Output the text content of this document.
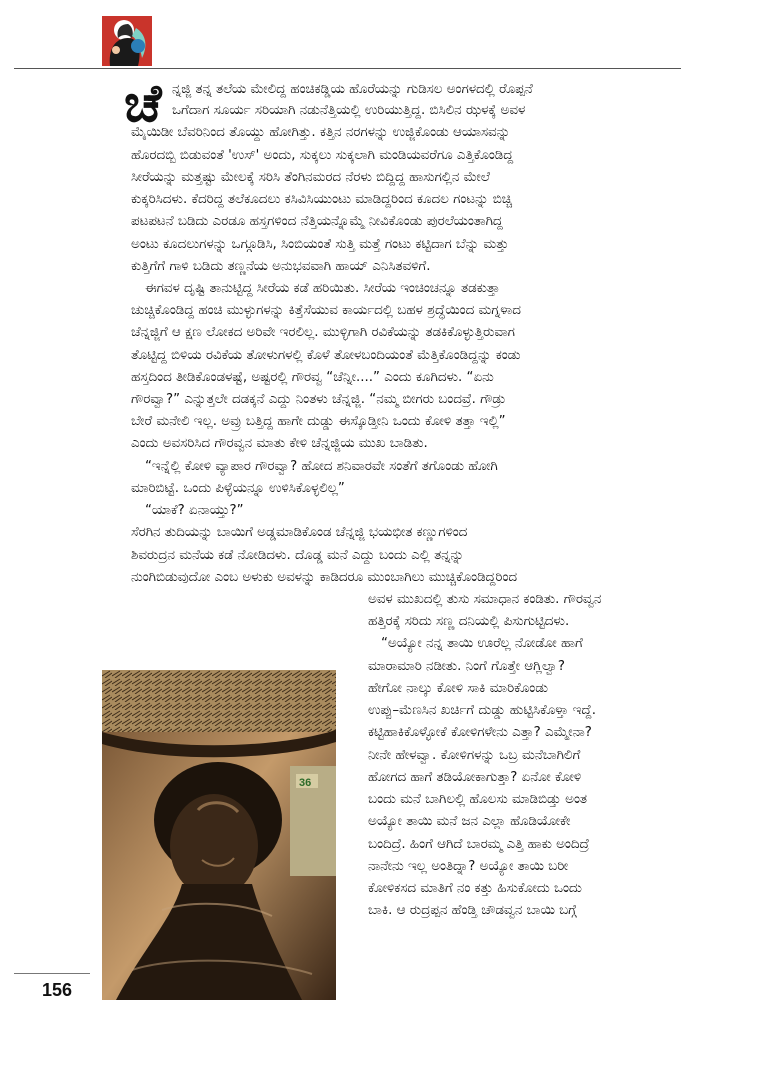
ಚೆ ನ್ನಜ್ಜಿ ತನ್ನ ತಲೆಯ ಮೇಲಿದ್ದ ಹಂಚಿಕಡ್ಡಿಯ ಹೊರೆಯನ್ನು ಗುಡಿಸಲ ಅಂಗಳದಲ್ಲಿ ರೊಪ್ಪನೆ
ಒಗೆದಾಗ ಸೂರ್ಯ ಸರಿಯಾಗಿ ನಡುನೆತ್ತಿಯಲ್ಲಿ ಉರಿಯುತ್ತಿದ್ದ. ಬಿಸಿಲಿನ ಝಳಕ್ಕೆ ಅವಳ
ಮೈಯಿಡೀ ಬೆವರಿನಿಂದ ತೊಯ್ದು ಹೋಗಿತ್ತು. ಕತ್ತಿನ ನರಗಳನ್ನು ಉಜ್ಜಿಕೊಂಡು ಆಯಾಸವನ್ನು
ಹೊರದಬ್ಬಿ ಬಿಡುವಂತೆ 'ಉಸ್' ಅಂದು, ಸುಕ್ಕಲು ಸುಕ್ಕಲಾಗಿ ಮಂಡಿಯವರೆಗೂ ಎತ್ತಿಕೊಂಡಿದ್ದ
ಸೀರೆಯನ್ನು ಮತ್ತಷ್ಟು ಮೇಲಕ್ಕೆ ಸರಿಸಿ ತೆಂಗಿನಮರದ ನೆರಳು ಬಿದ್ದಿದ್ದ ಹಾಸುಗಲ್ಲಿನ ಮೇಲೆ
ಕುಕ್ಕರಿಸಿದಳು. ಕೆದರಿದ್ದ ತಲೆಕೂದಲು ಕಸಿವಿಸಿಯುಂಟು ಮಾಡಿದ್ದರಿಂದ ಕೂದಲ ಗಂಟನ್ನು ಬಿಚ್ಚಿ
ಪಟಪಟನೆ ಬಡಿದು ಎರಡೂ ಹಸ್ತಗಳಿಂದ ನೆತ್ತಿಯನ್ನೊಮ್ಮೆ ನೀವಿಕೊಂಡು ಪುರಲೆಯಂತಾಗಿದ್ದ
ಅಂಟು ಕೂದಲುಗಳನ್ನು ಒಗ್ಗೂಡಿಸಿ, ಸಿಂಬಿಯಂತೆ ಸುತ್ತಿ ಮತ್ತೆ ಗಂಟು ಕಟ್ಟಿದಾಗ ಬೆನ್ನು ಮತ್ತು
ಕುತ್ತಿಗೆಗೆ ಗಾಳಿ ಬಡಿದು ತಣ್ಣನೆಯ ಅನುಭವವಾಗಿ ಹಾಯ್ ಎನಿಸಿತವಳಿಗೆ.
ಈಗವಳ ದೃಷ್ಟಿ ತಾನುಟ್ಟಿದ್ದ ಸೀರೆಯ ಕಡೆ ಹರಿಯಿತು. ಸೀರೆಯ ಇಂಚಿಂಚನ್ನೂ ತಡಕುತ್ತಾ
ಚುಚ್ಚಿಕೊಂಡಿದ್ದ ಹಂಚಿ ಮುಳ್ಳುಗಳನ್ನು ಕಿತ್ತೆಸೆಯುವ ಕಾರ್ಯದಲ್ಲಿ ಬಹಳ ಶ್ರದ್ಧೆಯಿಂದ ಮಗ್ನಳಾದ
ಚೆನ್ನಜ್ಜಿಗೆ ಆ ಕ್ಷಣ ಲೋಕದ ಅರಿವೇ ಇರಲಿಲ್ಲ. ಮುಳ್ಳಿಗಾಗಿ ರವಿಕೆಯನ್ನು ತಡಕಿಕೊಳ್ಳುತ್ತಿರುವಾಗ
ತೊಟ್ಟಿದ್ದ ಬಿಳಿಯ ರವಿಕೆಯ ತೋಳುಗಳಲ್ಲಿ ಕೊಳೆ ತೋಳಬಂದಿಯಂತೆ ಮೆತ್ತಿಕೊಂಡಿದ್ದನ್ನು ಕಂಡು
ಹಸ್ತದಿಂದ ತೀಡಿಕೊಂಡಳಷ್ಟೆ, ಅಷ್ಟರಲ್ಲಿ ಗೌರವ್ವ “ಚೆನ್ನೀ....” ಎಂದು ಕೂಗಿದಳು. “ಏನು
ಗೌರವ್ವಾ?” ಎನ್ನುತ್ತಲೇ ದಡಕ್ಕನೆ ಎದ್ದು ನಿಂತಳು ಚೆನ್ನಜ್ಜಿ. “ನಮ್ಮ ಬೀಗರು ಬಂದವ್ರೆ. ಗೌಡ್ರು
ಬೇರೆ ಮನೇಲಿ ಇಲ್ಲ. ಅವ್ರು ಬತ್ತಿದ್ದ ಹಾಗೇ ದುಡ್ಡು ಈಸ್ಕೊಡ್ತೀನಿ ಒಂದು ಕೋಳಿ ತತ್ತಾ ಇಲ್ಲಿ”
ಎಂದು ಅವಸರಿಸಿದ ಗೌರವ್ವನ ಮಾತು ಕೇಳಿ ಚೆನ್ನಜ್ಜಿಯ ಮುಖ ಬಾಡಿತು.
“ಇನ್ನೆಲ್ಲಿ ಕೋಳಿ ವ್ಯಾಪಾರ ಗೌರವ್ವಾ? ಹೋದ ಶನಿವಾರವೇ ಸಂತೆಗೆ ತಗೊಂಡು ಹೋಗಿ
ಮಾರಿಬಿಟ್ಟೆ. ಒಂದು ಪಿಳ್ಳೆಯನ್ನೂ ಉಳಿಸಿಕೊಳ್ಳಲಿಲ್ಲ”
“ಯಾಕೆ? ಏನಾಯ್ತು?”
ಸೆರಗಿನ ತುದಿಯನ್ನು ಬಾಯಿಗೆ ಅಡ್ಡಮಾಡಿಕೊಂಡ ಚೆನ್ನಜ್ಜಿ ಭಯಭೀತ ಕಣ್ಣುಗಳಿಂದ
ಶಿವರುದ್ರನ ಮನೆಯ ಕಡೆ ನೋಡಿದಳು. ದೊಡ್ಡ ಮನೆ ಎದ್ದು ಬಂದು ಎಲ್ಲಿ ತನ್ನನ್ನು
ನುಂಗಿಬಿಡುವುದೋ ಎಂಬ ಅಳುಕು ಅವಳನ್ನು ಕಾಡಿದರೂ ಮುಂಬಾಗಿಲು ಮುಚ್ಚಿಕೊಂಡಿದ್ದರಿಂದ
ಅವಳ ಮುಖದಲ್ಲಿ ತುಸು ಸಮಾಧಾನ ಕಂಡಿತು. ಗೌರವ್ವನ
ಹತ್ತಿರಕ್ಕೆ ಸರಿದು ಸಣ್ಣ ದನಿಯಲ್ಲಿ ಪಿಸುಗುಟ್ಟಿದಳು.
“ಅಯ್ಯೋ ನನ್ನ ತಾಯಿ ಊರೆಲ್ಲ ನೋಡೋ ಹಾಗೆ
ಮಾರಾಮಾರಿ ನಡೀತು. ನಿಂಗೆ ಗೊತ್ತೇ ಆಗ್ಲಿಲ್ವಾ?
ಹೇಗೋ ನಾಲ್ಕು ಕೋಳಿ ಸಾಕಿ ಮಾರಿಕೊಂಡು
ಉಪ್ಪು–ಮೆಣಸಿನ ಖರ್ಚಿಗೆ ದುಡ್ಡು ಹುಟ್ಟಿಸಿಕೊಳ್ತಾ ಇದ್ದೆ.
ಕಟ್ಟಿಹಾಕಿಕೊಳ್ಳೋಕೆ ಕೋಳಿಗಳೇನು ಎತ್ತಾ? ಎಮ್ಮೇನಾ?
ನೀನೇ ಹೇಳವ್ವಾ. ಕೋಳಿಗಳನ್ನು ಒಬ್ರ ಮನೆಬಾಗಿಲಿಗೆ
ಹೋಗದ ಹಾಗೆ ತಡಿಯೋಕಾಗುತ್ತಾ? ಏನೋ ಕೋಳಿ
ಬಂದು ಮನೆ ಬಾಗಿಲಲ್ಲಿ ಹೊಲಸು ಮಾಡಿಬಿಡ್ತು ಅಂತ
ಅಯ್ಯೋ ತಾಯಿ ಮನೆ ಜನ ಎಲ್ಲಾ ಹೊಡಿಯೋಕೇ
ಬಂದಿದ್ರೆ. ಹಿಂಗೆ ಆಗಿದೆ ಬಾರಮ್ಮ ಎತ್ತಿ ಹಾಕು ಅಂದಿದ್ರೆ
ನಾನೇನು ಇಲ್ಲ ಅಂತಿದ್ನಾ? ಅಯ್ಯೋ ತಾಯಿ ಬರೀ
ಕೋಳಿಕಸದ ಮಾತಿಗೆ ನಂ ಕತ್ತು ಹಿಸುಕೋದು ಒಂದು
ಬಾಕಿ. ಆ ರುದ್ರಪ್ಪನ ಹೆಂಡ್ತಿ ಚೌಡವ್ವನ ಬಾಯಿ ಬಗ್ಗೆ
36
156
